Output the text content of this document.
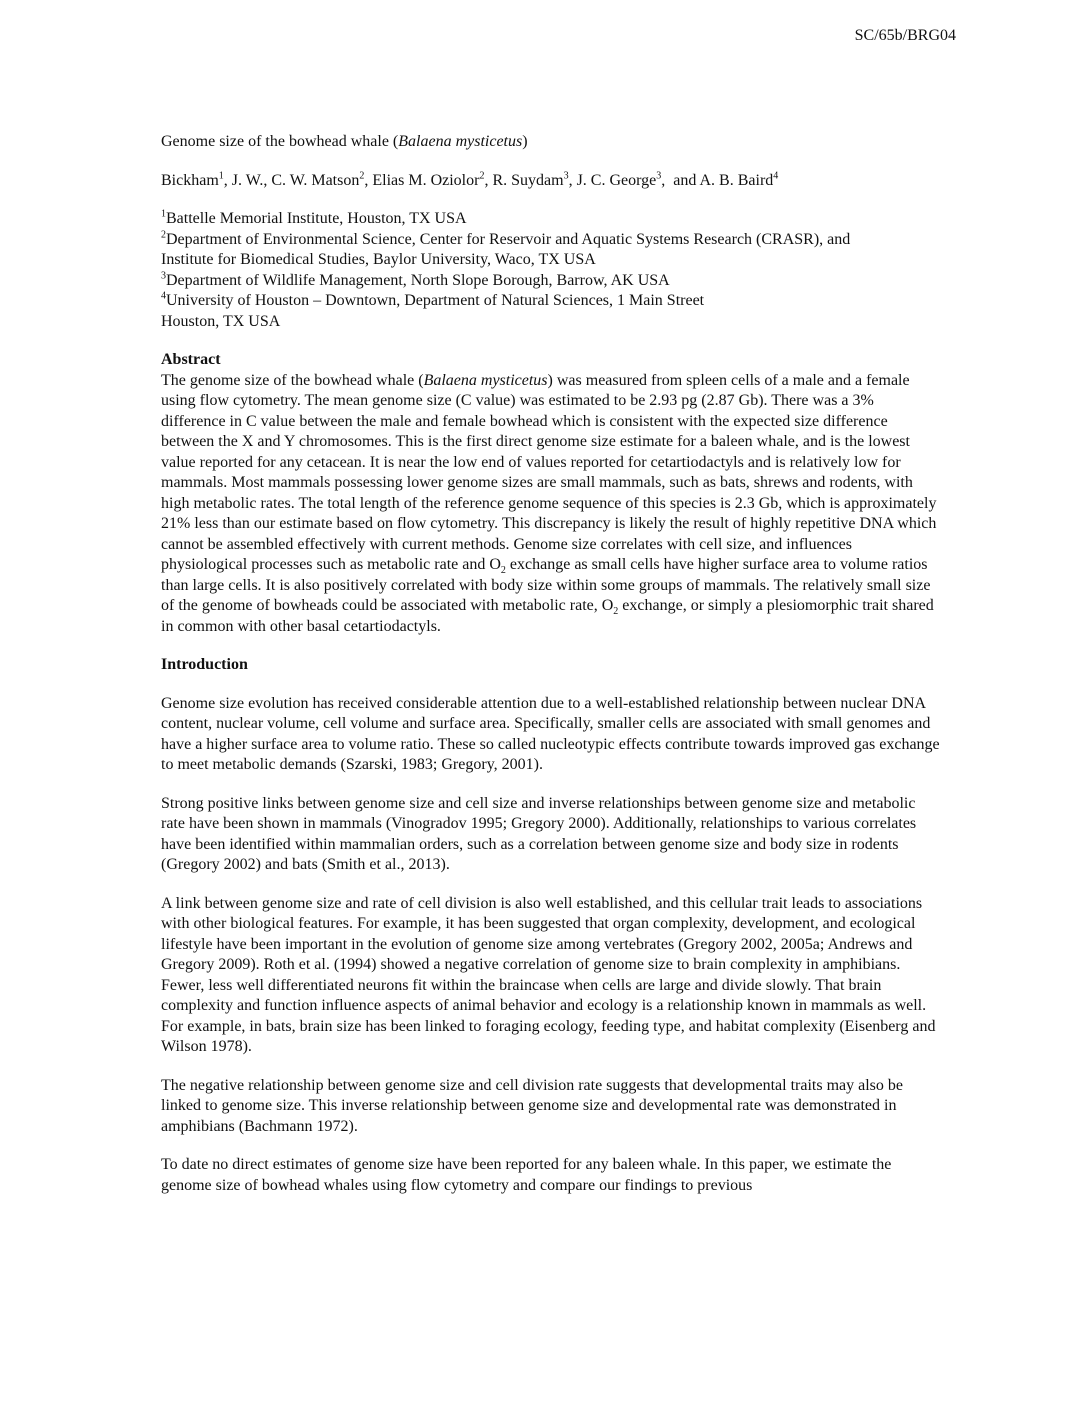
SC/65b/BRG04

Genome size of the bowhead whale (Balaena mysticetus)

Bickham$^1$, J. W., C. W. Matson$^2$, Elias M. Oziolor$^2$, R. Suydam$^3$, J. C. George$^3$,  and A. B. Baird$^4$

$^1$Battelle Memorial Institute, Houston, TX USA

$^2$Department of Environmental Science, Center for Reservoir and Aquatic Systems Research (CRASR), and
Institute for Biomedical Studies, Baylor University, Waco, TX USA

$^3$Department of Wildlife Management, North Slope Borough, Barrow, AK USA

$^4$University of Houston – Downtown, Department of Natural Sciences, 1 Main Street
Houston, TX USA

Abstract

The genome size of the bowhead whale (Balaena mysticetus) was measured from spleen cells of a male and a female using flow cytometry. The mean genome size (C value) was estimated to be 2.93 pg (2.87 Gb). There was a 3% difference in C value between the male and female bowhead which is consistent with the expected size difference between the X and Y chromosomes. This is the first direct genome size estimate for a baleen whale, and is the lowest value reported for any cetacean. It is near the low end of values reported for cetartiodactyls and is relatively low for mammals. Most mammals possessing lower genome sizes are small mammals, such as bats, shrews and rodents, with high metabolic rates. The total length of the reference genome sequence of this species is 2.3 Gb, which is approximately 21% less than our estimate based on flow cytometry. This discrepancy is likely the result of highly repetitive DNA which cannot be assembled effectively with current methods. Genome size correlates with cell size, and influences physiological processes such as metabolic rate and $O_2$ exchange as small cells have higher surface area to volume ratios than large cells. It is also positively correlated with body size within some groups of mammals. The relatively small size of the genome of bowheads could be associated with metabolic rate, $O_2$ exchange, or simply a plesiomorphic trait shared in common with other basal cetartiodactyls.

Introduction

Genome size evolution has received considerable attention due to a well-established relationship between nuclear DNA content, nuclear volume, cell volume and surface area. Specifically, smaller cells are associated with small genomes and have a higher surface area to volume ratio. These so called nucleotypic effects contribute towards improved gas exchange to meet metabolic demands (Szarski, 1983; Gregory, 2001).

Strong positive links between genome size and cell size and inverse relationships between genome size and metabolic rate have been shown in mammals (Vinogradov 1995; Gregory 2000). Additionally, relationships to various correlates have been identified within mammalian orders, such as a correlation between genome size and body size in rodents (Gregory 2002) and bats (Smith et al., 2013).

A link between genome size and rate of cell division is also well established, and this cellular trait leads to associations with other biological features. For example, it has been suggested that organ complexity, development, and ecological lifestyle have been important in the evolution of genome size among vertebrates (Gregory 2002, 2005a; Andrews and Gregory 2009). Roth et al. (1994) showed a negative correlation of genome size to brain complexity in amphibians. Fewer, less well differentiated neurons fit within the braincase when cells are large and divide slowly. That brain complexity and function influence aspects of animal behavior and ecology is a relationship known in mammals as well. For example, in bats, brain size has been linked to foraging ecology, feeding type, and habitat complexity (Eisenberg and Wilson 1978).

The negative relationship between genome size and cell division rate suggests that developmental traits may also be linked to genome size. This inverse relationship between genome size and developmental rate was demonstrated in amphibians (Bachmann 1972).

To date no direct estimates of genome size have been reported for any baleen whale. In this paper, we estimate the genome size of bowhead whales using flow cytometry and compare our findings to previous
